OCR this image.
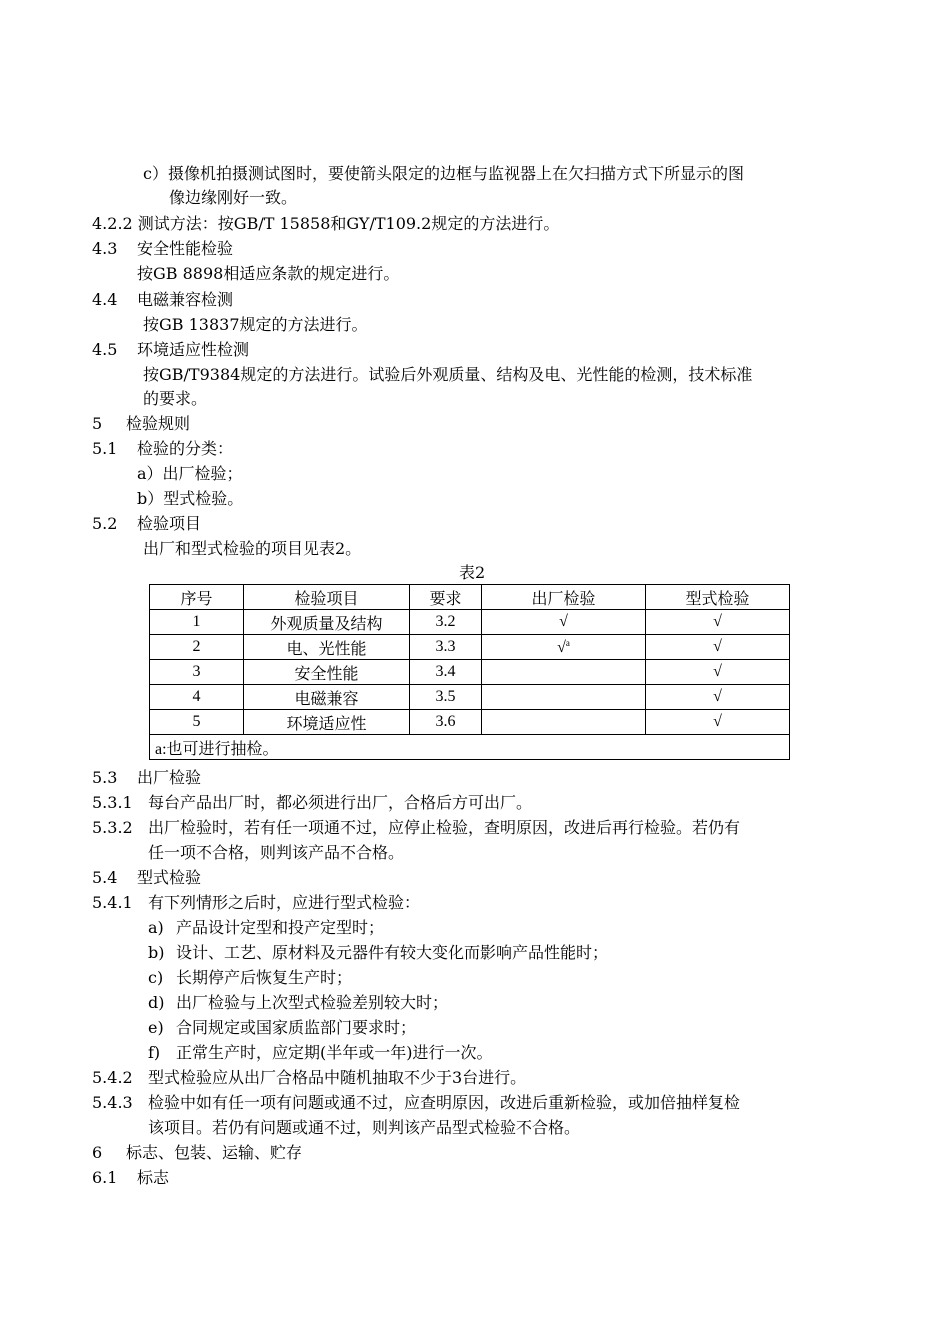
c）摄像机拍摄测试图时，要使箭头限定的边框与监视器上在欠扫描方式下所显示的图
像边缘刚好一致。
4.2.2 测试方法：按GB/T 15858和GY/T109.2规定的方法进行。
4.3 安全性能检验
按GB 8898相适应条款的规定进行。
4.4 电磁兼容检测
按GB 13837规定的方法进行。
4.5 环境适应性检测
按GB/T9384规定的方法进行。试验后外观质量、结构及电、光性能的检测，技术标准
的要求。
5 检验规则
5.1 检验的分类：
a）出厂检验；
b）型式检验。
5.2 检验项目
出厂和型式检验的项目见表2。
表2
序号	检验项目	要求	出厂检验	型式检验
1	外观质量及结构	3.2	√	√
2	电、光性能	3.3	√$^a$	√
3	安全性能	3.4		√
4	电磁兼容	3.5		√
5	环境适应性	3.6		√
a:也可进行抽检。				
5.3 出厂检验
5.3.1 每台产品出厂时，都必须进行出厂，合格后方可出厂。
5.3.2 出厂检验时，若有任一项通不过，应停止检验，查明原因，改进后再行检验。若仍有
任一项不合格，则判该产品不合格。
5.4 型式检验
5.4.1 有下列情形之后时，应进行型式检验：
a) 产品设计定型和投产定型时；
b) 设计、工艺、原材料及元器件有较大变化而影响产品性能时；
c) 长期停产后恢复生产时；
d) 出厂检验与上次型式检验差别较大时；
e) 合同规定或国家质监部门要求时；
f) 正常生产时，应定期(半年或一年)进行一次。
5.4.2 型式检验应从出厂合格品中随机抽取不少于3台进行。
5.4.3 检验中如有任一项有问题或通不过，应查明原因，改进后重新检验，或加倍抽样复检
该项目。若仍有问题或通不过，则判该产品型式检验不合格。
6 标志、包装、运输、贮存
6.1 标志
